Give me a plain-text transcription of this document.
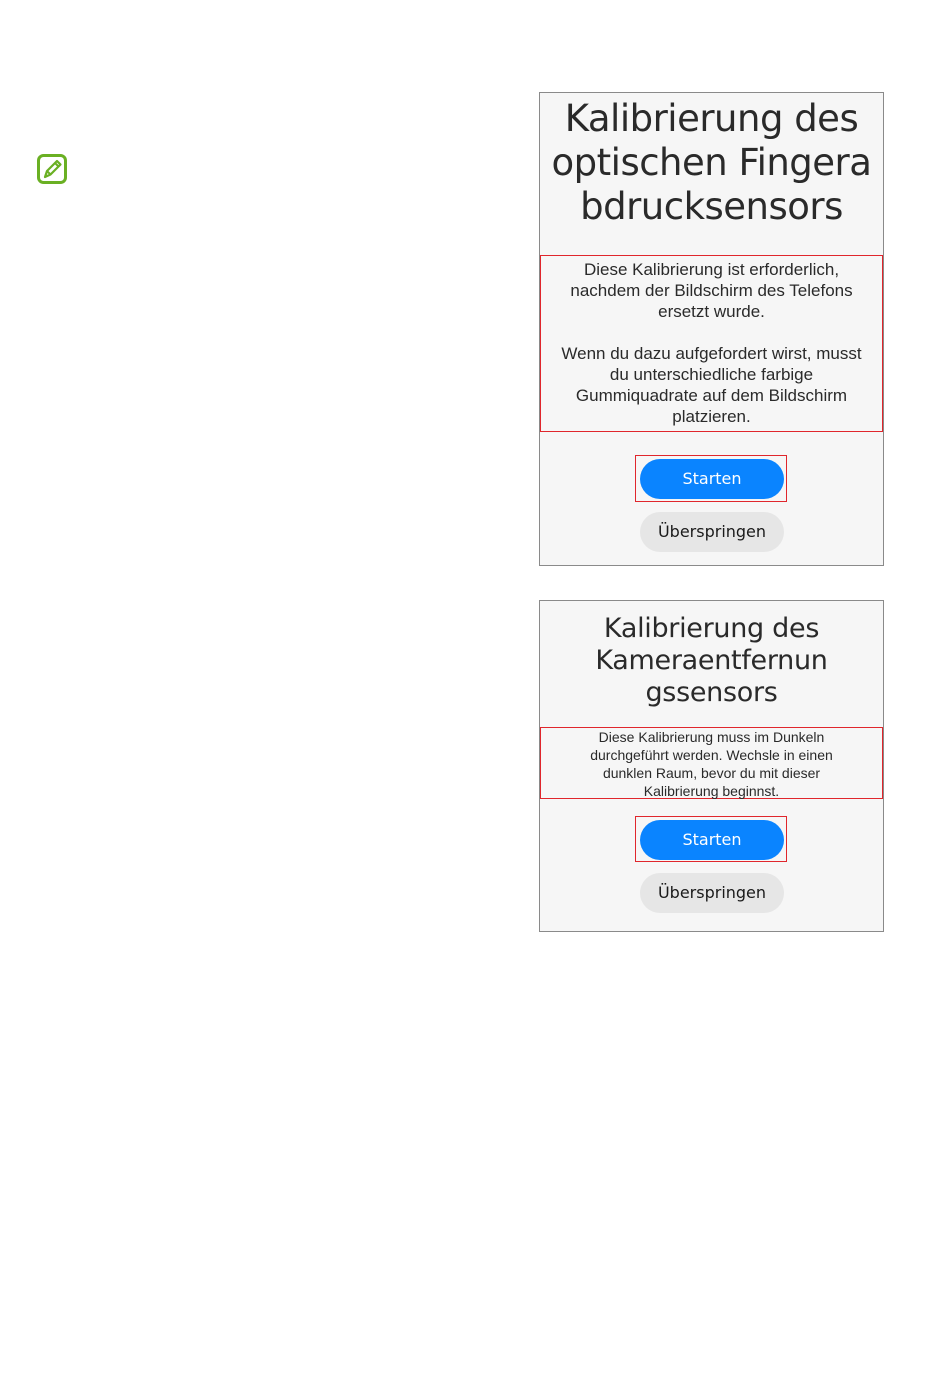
Kalibrierung des
optischen Fingera
bdrucksensors

Diese Kalibrierung ist erforderlich, nachdem der Bildschirm des Telefons ersetzt wurde.

Wenn du dazu aufgefordert wirst, musst du unterschiedliche farbige Gummiquadrate auf dem Bildschirm platzieren.

Starten
Überspringen
Kalibrierung des
Kameraentfernun
gssensors

Diese Kalibrierung muss im Dunkeln durchgeführt werden. Wechsle in einen dunklen Raum, bevor du mit dieser Kalibrierung beginnst.

Starten
Überspringen
